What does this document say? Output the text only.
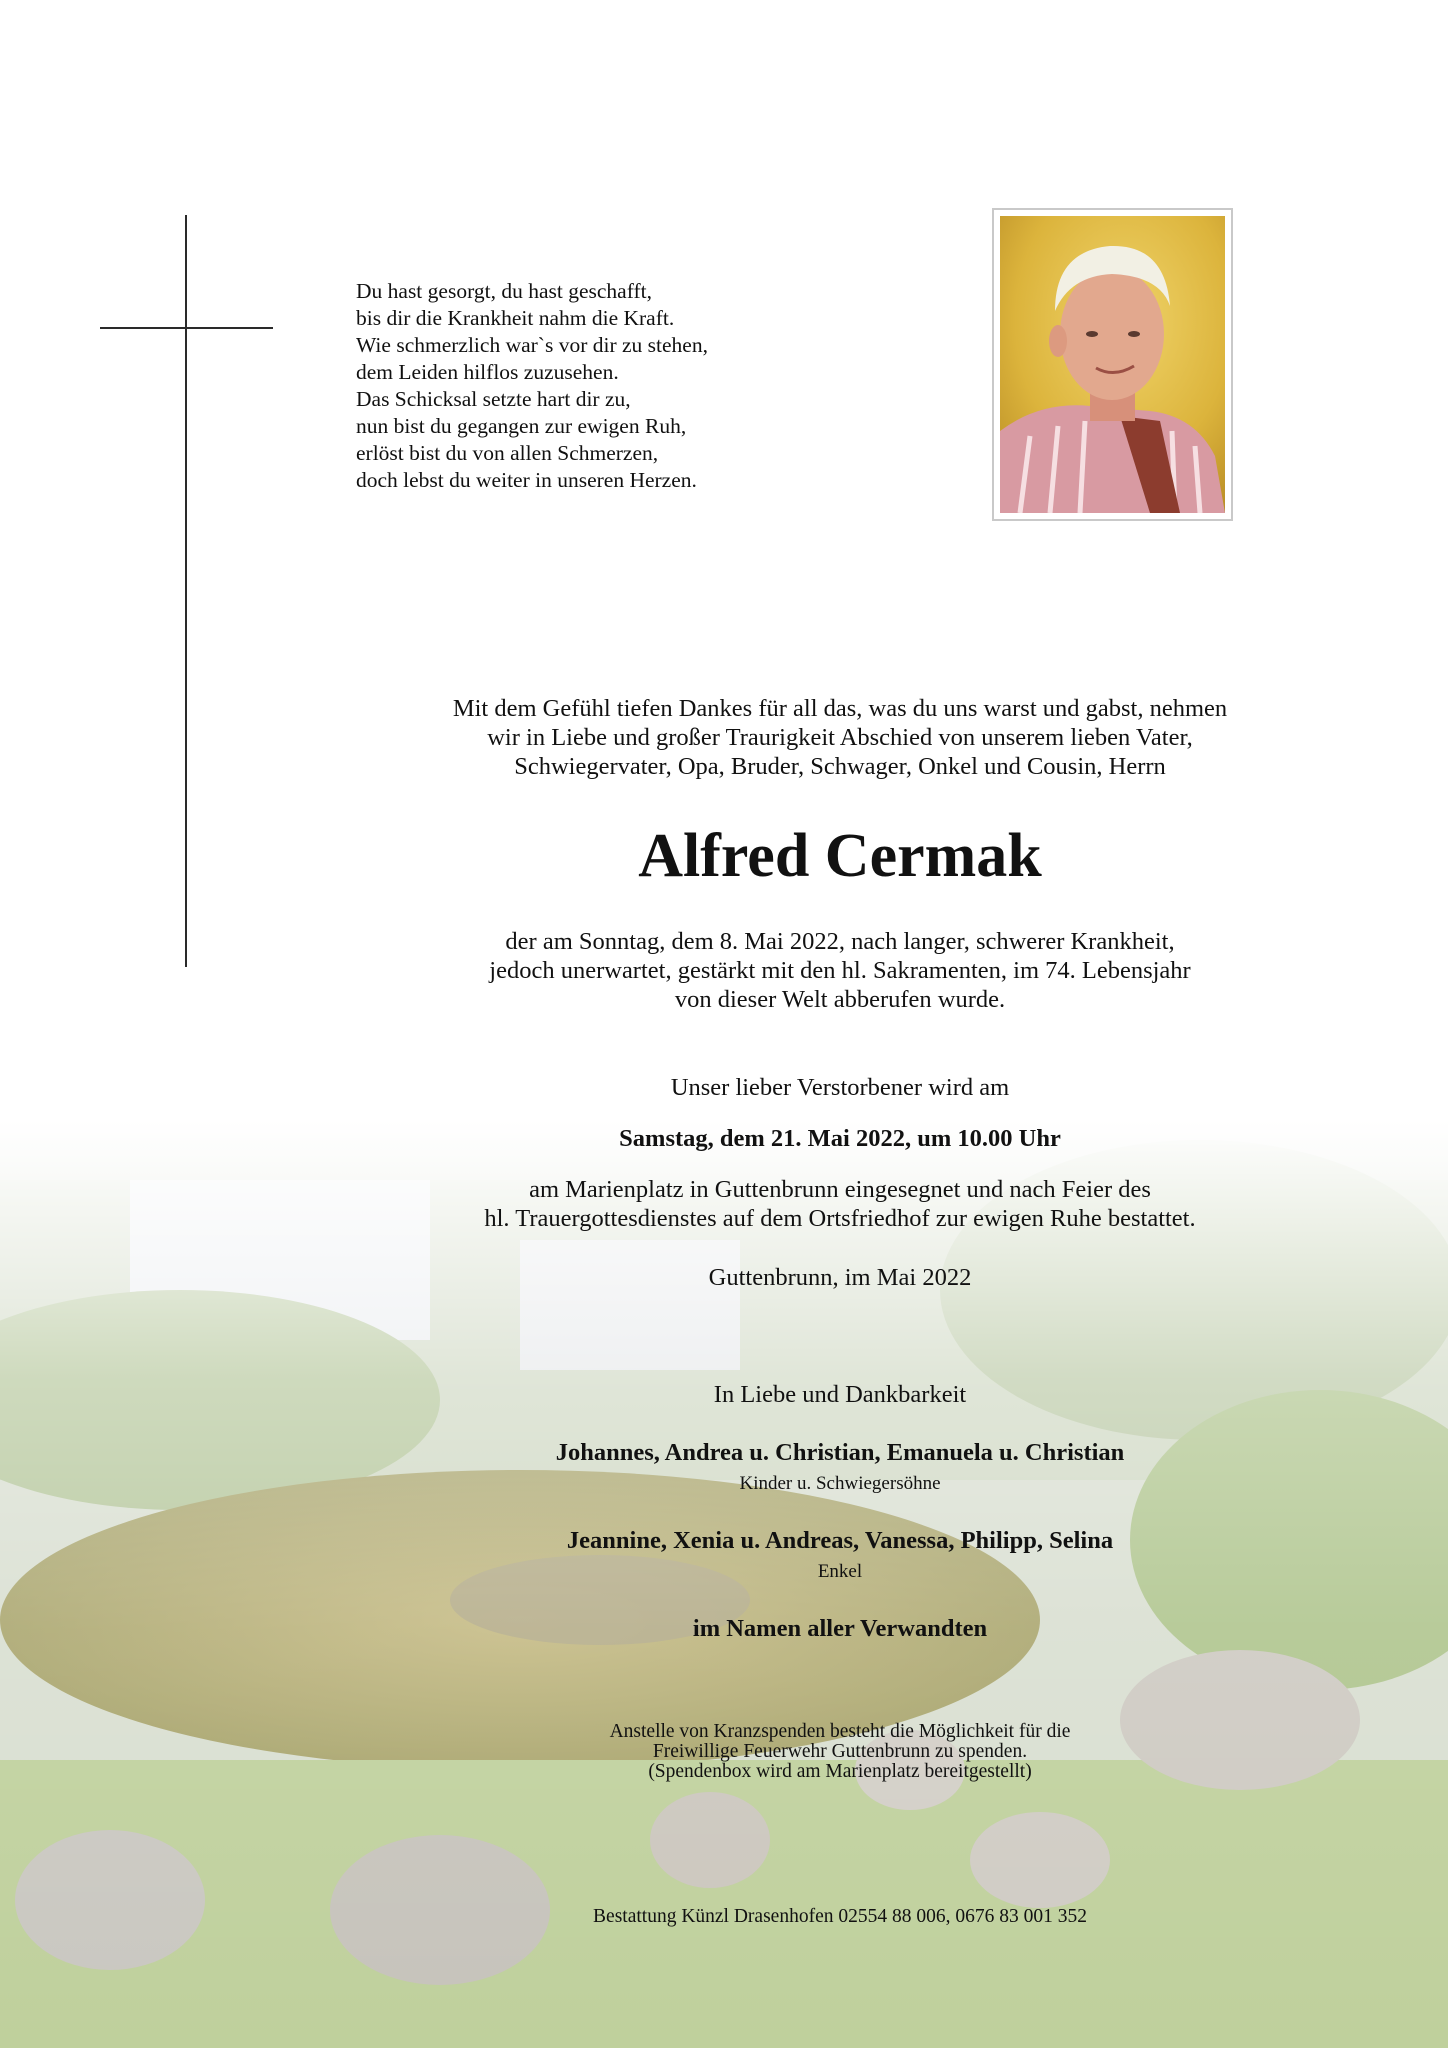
Du hast gesorgt, du hast geschafft,
bis dir die Krankheit nahm die Kraft.
Wie schmerzlich war`s vor dir zu stehen,
dem Leiden hilflos zuzusehen.
Das Schicksal setzte hart dir zu,
nun bist du gegangen zur ewigen Ruh,
erlöst bist du von allen Schmerzen,
doch lebst du weiter in unseren Herzen.
Mit dem Gefühl tiefen Dankes für all das, was du uns warst und gabst, nehmen
wir in Liebe und großer Traurigkeit Abschied von unserem lieben Vater,
Schwiegervater, Opa, Bruder, Schwager, Onkel und Cousin, Herrn
Alfred Cermak
der am Sonntag, dem 8. Mai 2022, nach langer, schwerer Krankheit,
jedoch unerwartet, gestärkt mit den hl. Sakramenten, im 74. Lebensjahr
von dieser Welt abberufen wurde.
Unser lieber Verstorbener wird am
Samstag, dem 21. Mai 2022, um 10.00 Uhr
am Marienplatz in Guttenbrunn eingesegnet und nach Feier des
hl. Trauergottesdienstes auf dem Ortsfriedhof zur ewigen Ruhe bestattet.
Guttenbrunn, im Mai 2022
In Liebe und Dankbarkeit
Johannes, Andrea u. Christian, Emanuela u. Christian
Kinder u. Schwiegersöhne
Jeannine, Xenia u. Andreas, Vanessa, Philipp, Selina
Enkel
im Namen aller Verwandten
Anstelle von Kranzspenden besteht die Möglichkeit für die
Freiwillige Feuerwehr Guttenbrunn zu spenden.
(Spendenbox wird am Marienplatz bereitgestellt)
Bestattung Künzl Drasenhofen 02554 88 006, 0676 83 001 352
